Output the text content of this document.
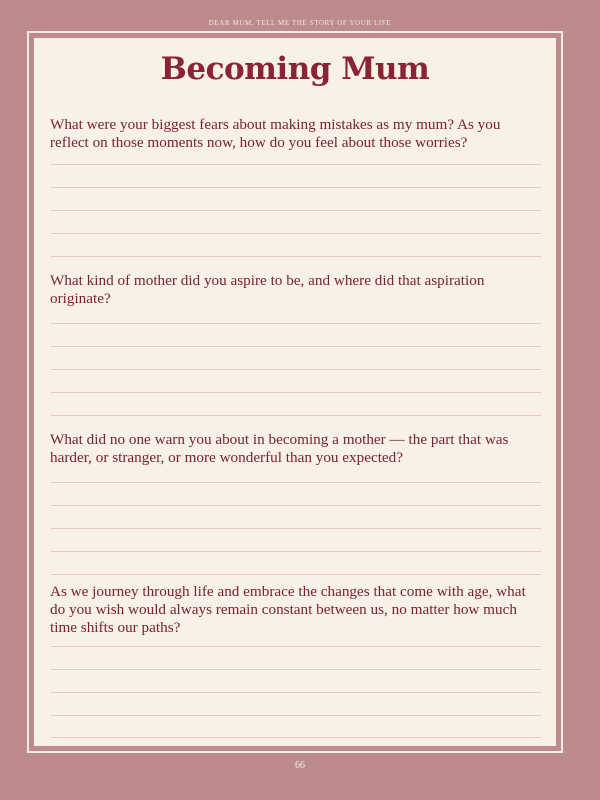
DEAR MUM, TELL ME THE STORY OF YOUR LIFE
Becoming Mum
What were your biggest fears about making mistakes as my mum? As you reflect on those moments now, how do you feel about those worries?
What kind of mother did you aspire to be, and where did that aspiration originate?
What did no one warn you about in becoming a mother — the part that was harder, or stranger, or more wonderful than you expected?
As we journey through life and embrace the changes that come with age, what do you wish would always remain constant between us, no matter how much time shifts our paths?
66
